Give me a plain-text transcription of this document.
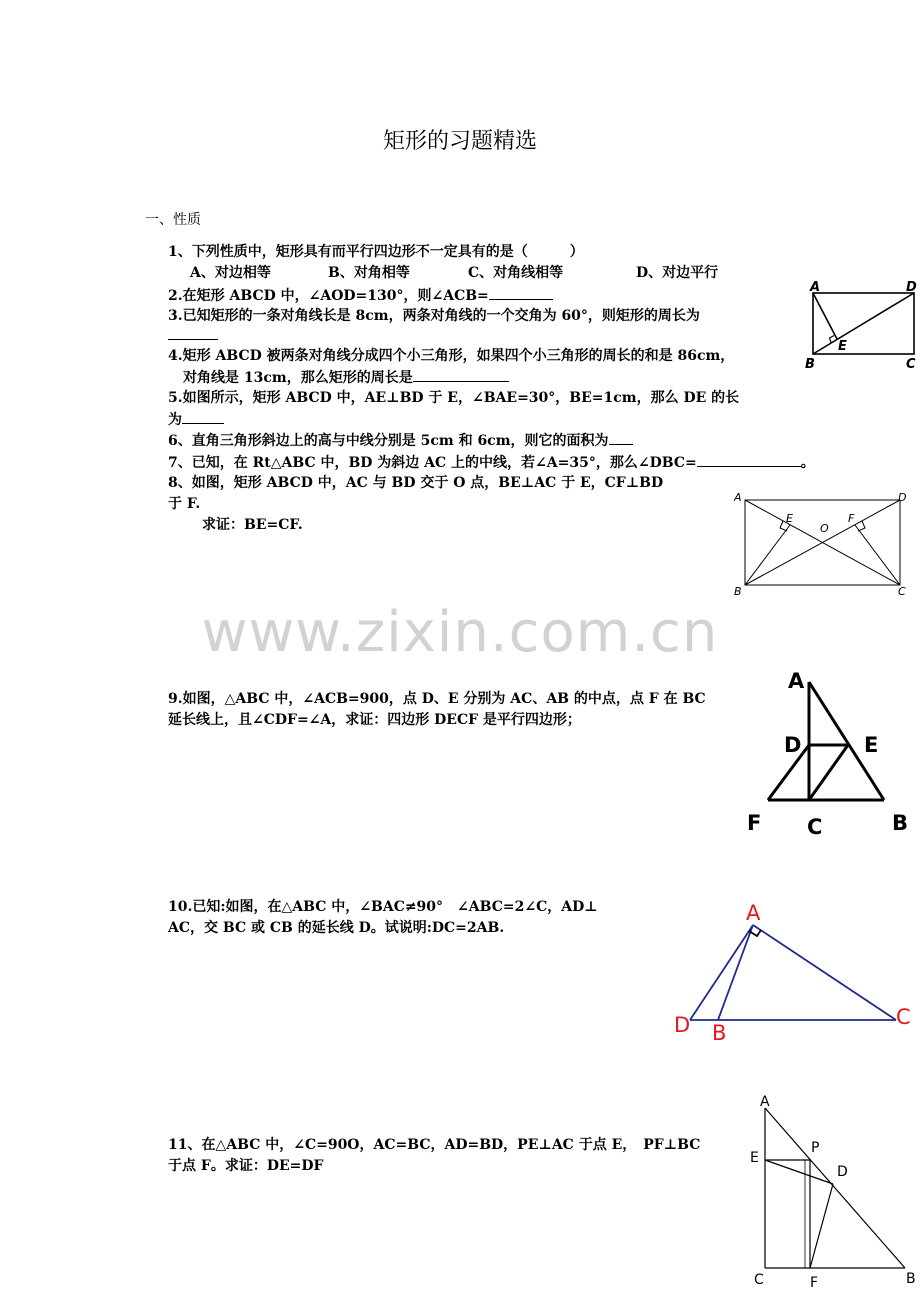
矩形的习题精选
一、性质
1、下列性质中，矩形具有而平行四边形不一定具有的是（　　　）
A、对边相等	B、对角相等	C、对角线相等	D、对边平行
2.在矩形 ABCD 中，∠AOD=130°，则∠ACB=
3.已知矩形的一条对角线长是 8cm，两条对角线的一个交角为 60°，则矩形的周长为
4.矩形 ABCD 被两条对角线分成四个小三角形，如果四个小三角形的周长的和是 86cm，
对角线是 13cm，那么矩形的周长是
5.如图所示，矩形 ABCD 中，AE⊥BD 于 E，∠BAE=30°，BE=1cm，那么 DE 的长
为
6、直角三角形斜边上的高与中线分别是 5cm 和 6cm，则它的面积为
7、已知，在 Rt△ABC 中，BD 为斜边 AC 上的中线，若∠A=35°，那么∠DBC=	。
8、如图，矩形 ABCD 中，AC 与 BD 交于 O 点，BE⊥AC 于 E，CF⊥BD
于 F.
求证：BE=CF.
www.zixin.com.cn
9.如图，△ABC 中，∠ACB=900，点 D、E 分别为 AC、AB 的中点，点 F 在 BC
延长线上，且∠CDF=∠A，求证：四边形 DECF 是平行四边形；
10.已知:如图，在△ABC 中，∠BAC≠90°　∠ABC=2∠C，AD⊥
AC，交 BC 或 CB 的延长线 D。试说明:DC=2AB.
11、在△ABC 中，∠C=90O，AC=BC，AD=BD，PE⊥AC 于点 E，　PF⊥BC
于点 F。求证：DE=DF
A	D
B	C
E
A	D
B	C
E	F
O
A
D	E
F C	B
A
D B
C
A
E
P
D
C	F	B
